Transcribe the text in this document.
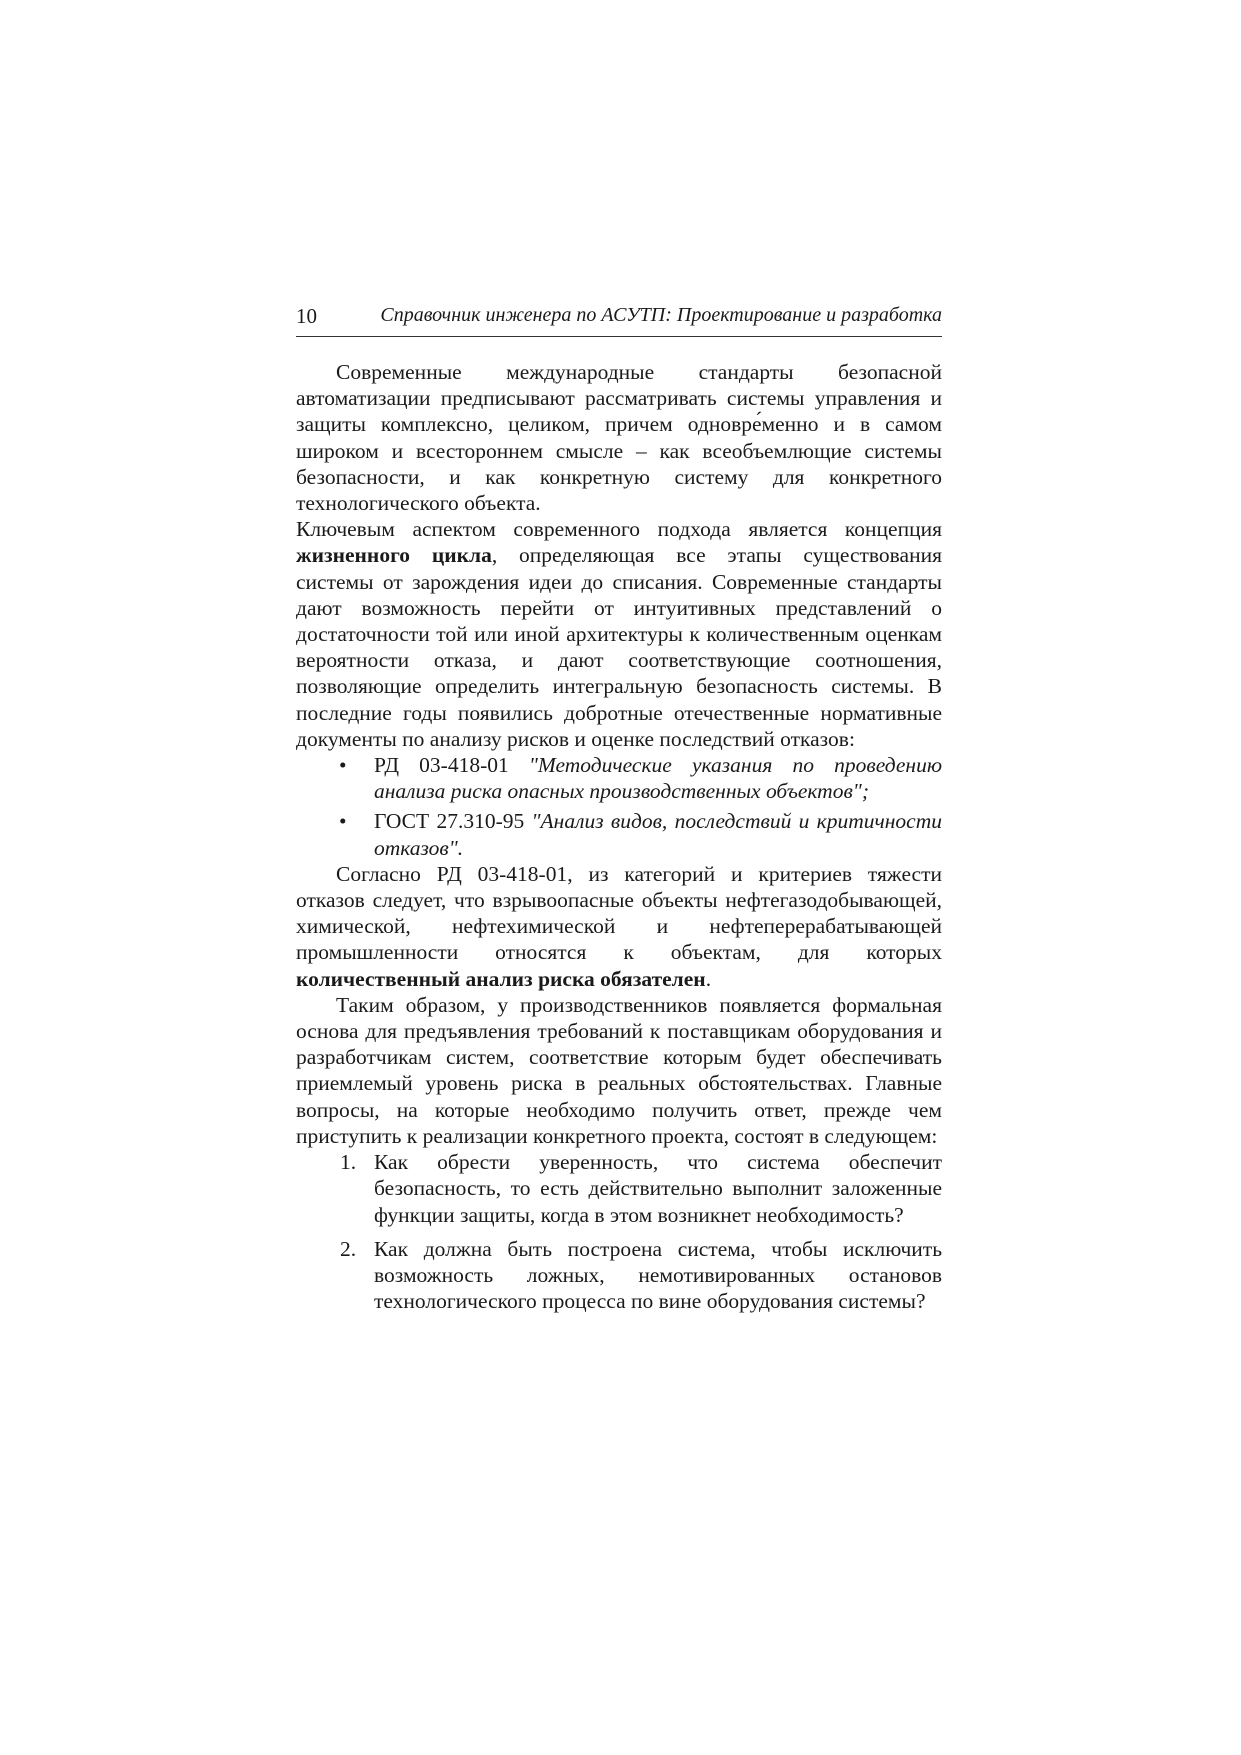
10	Справочник инженера по АСУТП: Проектирование и разработка

Современные международные стандарты безопасной автоматизации предписывают рассматривать системы управления и защиты комплексно, целиком, причем одновре́менно и в самом широком и всестороннем смысле – как всеобъемлющие системы безопасности, и как конкретную систему для конкретного технологического объекта.

Ключевым аспектом современного подхода является концепция жизненного цикла, определяющая все этапы существования системы от зарождения идеи до списания. Современные стандарты дают возможность перейти от интуитивных представлений о достаточности той или иной архитектуры к количественным оценкам вероятности отказа, и дают соответствующие соотношения, позволяющие определить интегральную безопасность системы. В последние годы появились добротные отечественные нормативные документы по анализу рисков и оценке последствий отказов:

• РД 03-418-01 "Методические указания по проведению анализа риска опасных производственных объектов";
• ГОСТ 27.310-95 "Анализ видов, последствий и критичности отказов".

Согласно РД 03-418-01, из категорий и критериев тяжести отказов следует, что взрывоопасные объекты нефтегазодобывающей, химической, нефтехимической и нефтеперерабатывающей промышленности относятся к объектам, для которых количественный анализ риска обязателен.

Таким образом, у производственников появляется формальная основа для предъявления требований к поставщикам оборудования и разработчикам систем, соответствие которым будет обеспечивать приемлемый уровень риска в реальных обстоятельствах. Главные вопросы, на которые необходимо получить ответ, прежде чем приступить к реализации конкретного проекта, состоят в следующем:

1. Как обрести уверенность, что система обеспечит безопасность, то есть действительно выполнит заложенные функции защиты, когда в этом возникнет необходимость?
2. Как должна быть построена система, чтобы исключить возможность ложных, немотивированных остановов технологического процесса по вине оборудования системы?
